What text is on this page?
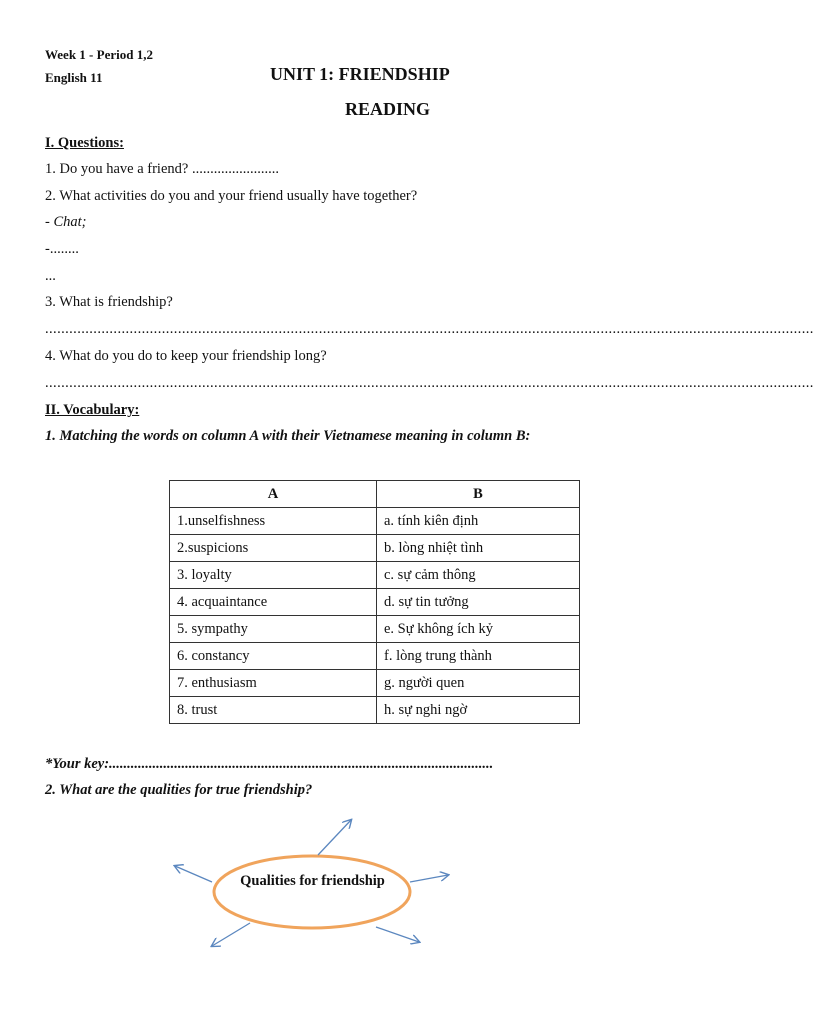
Week 1 - Period 1,2
English 11	UNIT 1: FRIENDSHIP
READING
I. Questions:
1. Do you have a friend? ........................
2. What activities do you and your friend usually have together?
- Chat;
-........
...
3. What is friendship?
...............................................................................................................................................................................................
4. What do you do to keep your friendship long?
...............................................................................................................................................................................................
II. Vocabulary:
1. Matching the words on column A with their Vietnamese meaning in column B:
A	B
1.unselfishness	a. tính kiên định
2.suspicions	b. lòng nhiệt tình
3. loyalty	c. sự cảm thông
4. acquaintance	d. sự tin tưởng
5. sympathy	e. Sự không ích kỷ
6. constancy	f. lòng trung thành
7. enthusiasm	g. người quen
8. trust	h. sự nghi ngờ
*Your key:..........................................................................................................
2. What are the qualities for true friendship?
Qualities for friendship
